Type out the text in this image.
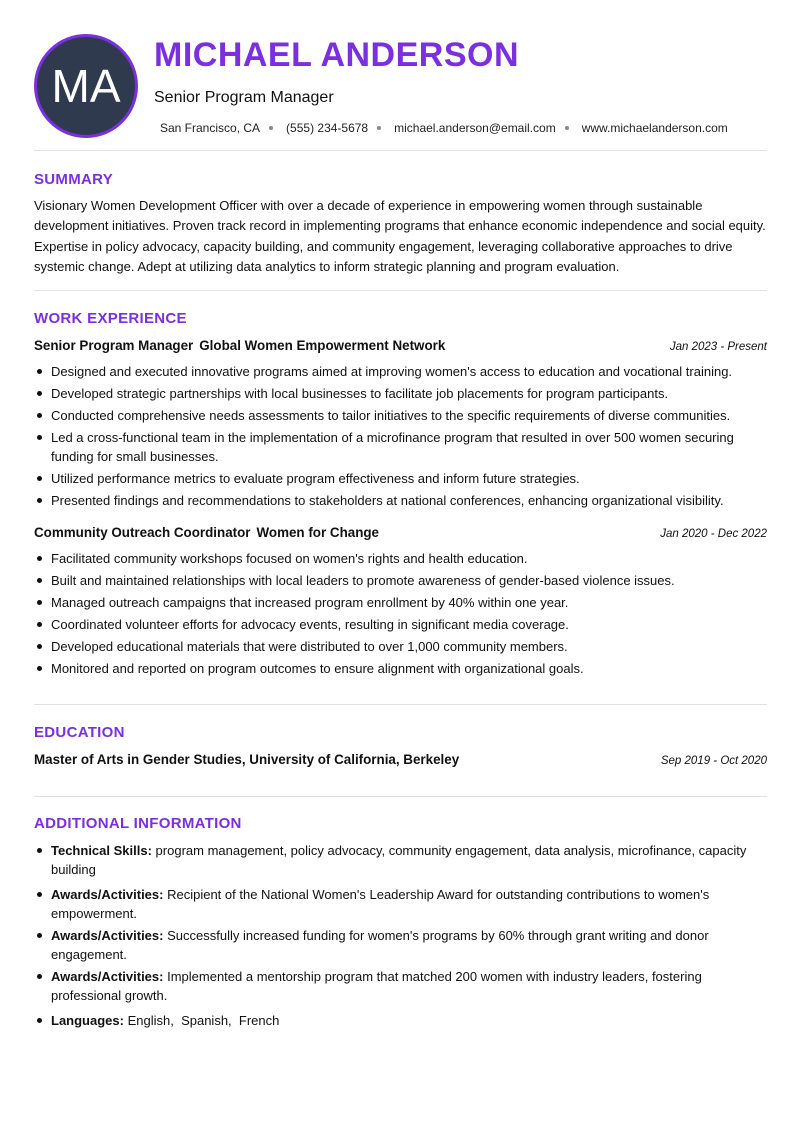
MA
MICHAEL ANDERSON
Senior Program Manager
San Francisco, CA (555) 234-5678 michael.anderson@email.com www.michaelanderson.com
SUMMARY
Visionary Women Development Officer with over a decade of experience in empowering women through sustainable development initiatives. Proven track record in implementing programs that enhance economic independence and social equity. Expertise in policy advocacy, capacity building, and community engagement, leveraging collaborative approaches to drive systemic change. Adept at utilizing data analytics to inform strategic planning and program evaluation.
WORK EXPERIENCE
Senior Program Manager Global Women Empowerment Network	Jan 2023 - Present
Designed and executed innovative programs aimed at improving women's access to education and vocational training.
Developed strategic partnerships with local businesses to facilitate job placements for program participants.
Conducted comprehensive needs assessments to tailor initiatives to the specific requirements of diverse communities.
Led a cross-functional team in the implementation of a microfinance program that resulted in over 500 women securing funding for small businesses.
Utilized performance metrics to evaluate program effectiveness and inform future strategies.
Presented findings and recommendations to stakeholders at national conferences, enhancing organizational visibility.
Community Outreach Coordinator Women for Change	Jan 2020 - Dec 2022
Facilitated community workshops focused on women's rights and health education.
Built and maintained relationships with local leaders to promote awareness of gender-based violence issues.
Managed outreach campaigns that increased program enrollment by 40% within one year.
Coordinated volunteer efforts for advocacy events, resulting in significant media coverage.
Developed educational materials that were distributed to over 1,000 community members.
Monitored and reported on program outcomes to ensure alignment with organizational goals.
EDUCATION
Master of Arts in Gender Studies, University of California, Berkeley	Sep 2019 - Oct 2020
ADDITIONAL INFORMATION
Technical Skills: program management, policy advocacy, community engagement, data analysis, microfinance, capacity building
Awards/Activities: Recipient of the National Women's Leadership Award for outstanding contributions to women's empowerment.
Awards/Activities: Successfully increased funding for women's programs by 60% through grant writing and donor engagement.
Awards/Activities: Implemented a mentorship program that matched 200 women with industry leaders, fostering professional growth.
Languages: English,  Spanish,  French
